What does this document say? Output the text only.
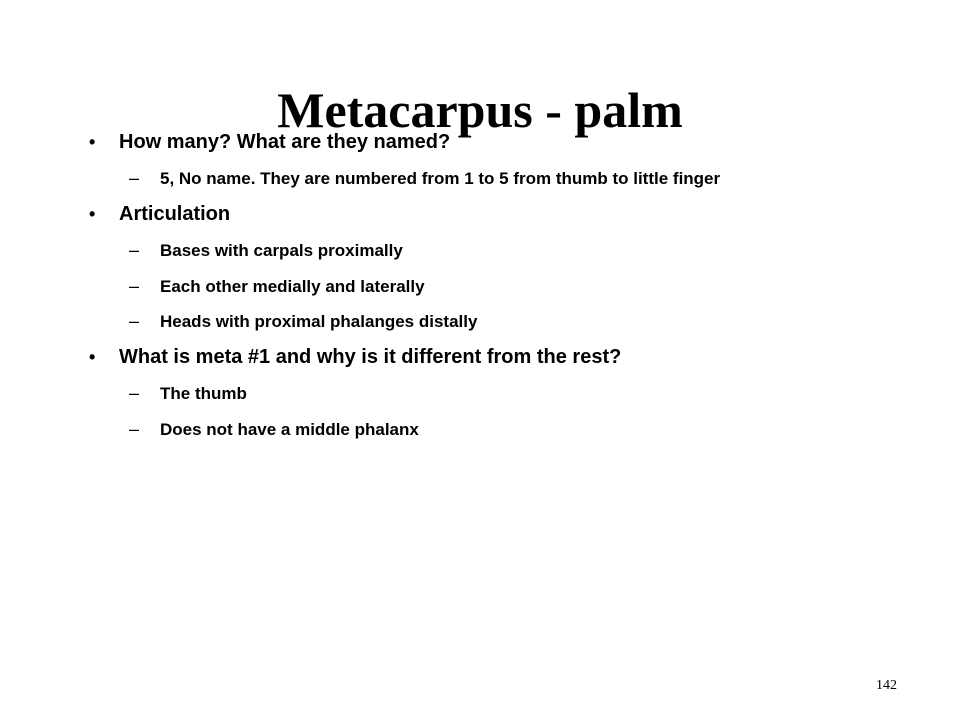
Metacarpus - palm
•	How many? What are they named?
–	5, No name. They are numbered from 1 to 5 from thumb to little finger
•	Articulation
–	Bases with carpals proximally
–	Each other medially and laterally
–	Heads with proximal phalanges distally
•	What is meta #1 and why is it different from the rest?
–	The thumb
–	Does not have a middle phalanx
142
